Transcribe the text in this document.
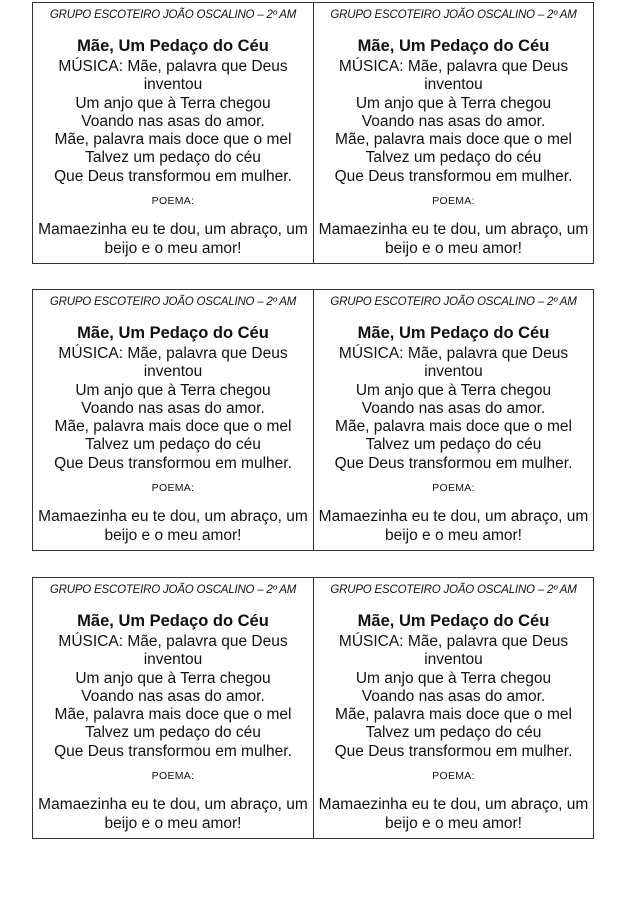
GRUPO ESCOTEIRO JOÃO OSCALINO – 2º AM
Mãe, Um Pedaço do Céu
MÚSICA: Mãe, palavra que Deus
inventou
Um anjo que à Terra chegou
Voando nas asas do amor.
Mãe, palavra mais doce que o mel
Talvez um pedaço do céu
Que Deus transformou em mulher.
POEMA:
Mamaezinha eu te dou, um abraço, um
beijo e o meu amor!
GRUPO ESCOTEIRO JOÃO OSCALINO – 2º AM
Mãe, Um Pedaço do Céu
MÚSICA: Mãe, palavra que Deus
inventou
Um anjo que à Terra chegou
Voando nas asas do amor.
Mãe, palavra mais doce que o mel
Talvez um pedaço do céu
Que Deus transformou em mulher.
POEMA:
Mamaezinha eu te dou, um abraço, um
beijo e o meu amor!
GRUPO ESCOTEIRO JOÃO OSCALINO – 2º AM
Mãe, Um Pedaço do Céu
MÚSICA: Mãe, palavra que Deus
inventou
Um anjo que à Terra chegou
Voando nas asas do amor.
Mãe, palavra mais doce que o mel
Talvez um pedaço do céu
Que Deus transformou em mulher.
POEMA:
Mamaezinha eu te dou, um abraço, um
beijo e o meu amor!
GRUPO ESCOTEIRO JOÃO OSCALINO – 2º AM
Mãe, Um Pedaço do Céu
MÚSICA: Mãe, palavra que Deus
inventou
Um anjo que à Terra chegou
Voando nas asas do amor.
Mãe, palavra mais doce que o mel
Talvez um pedaço do céu
Que Deus transformou em mulher.
POEMA:
Mamaezinha eu te dou, um abraço, um
beijo e o meu amor!
GRUPO ESCOTEIRO JOÃO OSCALINO – 2º AM
Mãe, Um Pedaço do Céu
MÚSICA: Mãe, palavra que Deus
inventou
Um anjo que à Terra chegou
Voando nas asas do amor.
Mãe, palavra mais doce que o mel
Talvez um pedaço do céu
Que Deus transformou em mulher.
POEMA:
Mamaezinha eu te dou, um abraço, um
beijo e o meu amor!
GRUPO ESCOTEIRO JOÃO OSCALINO – 2º AM
Mãe, Um Pedaço do Céu
MÚSICA: Mãe, palavra que Deus
inventou
Um anjo que à Terra chegou
Voando nas asas do amor.
Mãe, palavra mais doce que o mel
Talvez um pedaço do céu
Que Deus transformou em mulher.
POEMA:
Mamaezinha eu te dou, um abraço, um
beijo e o meu amor!
